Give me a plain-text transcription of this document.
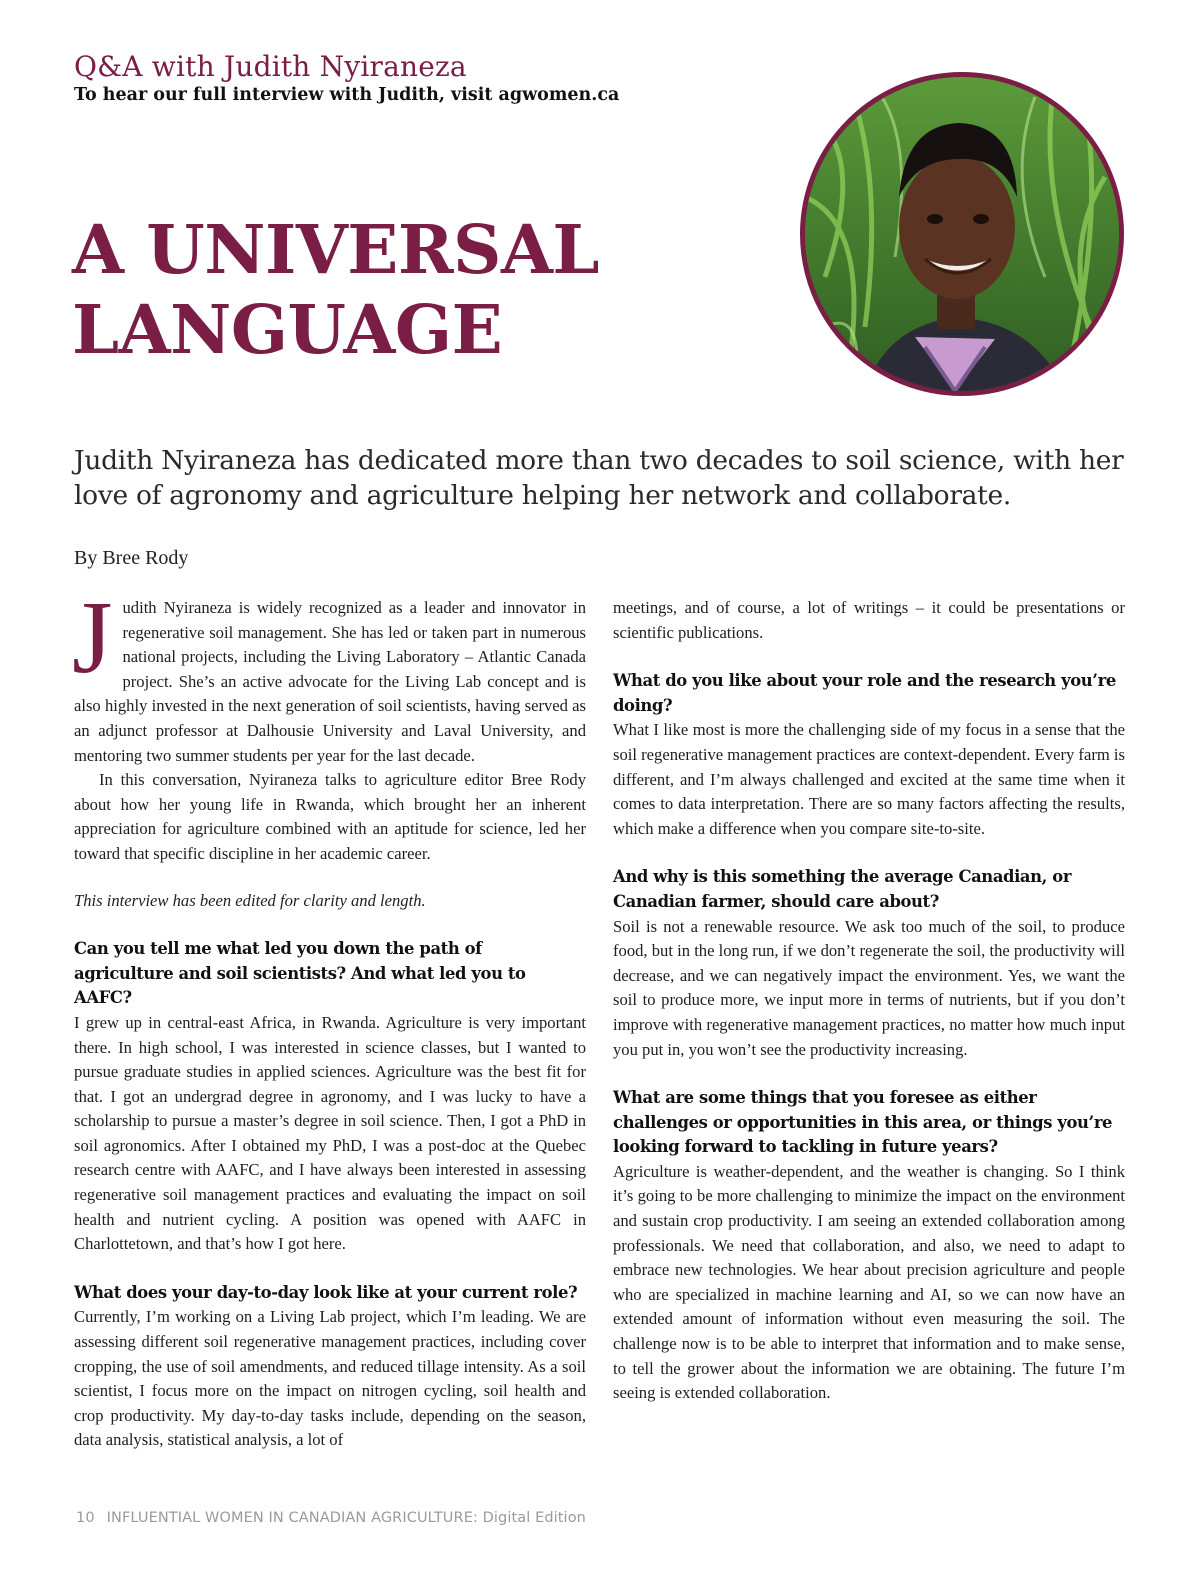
Q&A with Judith Nyiraneza

To hear our full interview with Judith, visit agwomen.ca

A UNIVERSAL
LANGUAGE
Judith Nyiraneza has dedicated more than two decades to soil science, with her love of agronomy and agriculture helping her network and collaborate.

By Bree Rody

Judith Nyiraneza is widely recognized as a leader and innovator in regenerative soil management. She has led or taken part in numerous national projects, including the Living Laboratory – Atlantic Canada project. She’s an active advocate for the Living Lab concept and is also highly invested in the next generation of soil scientists, having served as an adjunct professor at Dalhousie University and Laval University, and mentoring two summer students per year for the last decade.

In this conversation, Nyiraneza talks to agriculture editor Bree Rody about how her young life in Rwanda, which brought her an inherent appreciation for agriculture combined with an aptitude for science, led her toward that specific discipline in her academic career.

This interview has been edited for clarity and length.

Can you tell me what led you down the path of agriculture and soil scientists? And what led you to AAFC?

I grew up in central-east Africa, in Rwanda. Agriculture is very important there. In high school, I was interested in science classes, but I wanted to pursue graduate studies in applied sciences. Agriculture was the best fit for that. I got an undergrad degree in agronomy, and I was lucky to have a scholarship to pursue a master’s degree in soil science. Then, I got a PhD in soil agronomics. After I obtained my PhD, I was a post-doc at the Quebec research centre with AAFC, and I have always been interested in assessing regenerative soil management practices and evaluating the impact on soil health and nutrient cycling. A position was opened with AAFC in Charlottetown, and that’s how I got here.

What does your day-to-day look like at your current role?

Currently, I’m working on a Living Lab project, which I’m leading. We are assessing different soil regenerative management practices, including cover cropping, the use of soil amendments, and reduced tillage intensity. As a soil scientist, I focus more on the impact on nitrogen cycling, soil health and crop productivity. My day-to-day tasks include, depending on the season, data analysis, statistical analysis, a lot of

meetings, and of course, a lot of writings – it could be presentations or scientific publications.

What do you like about your role and the research you’re doing?

What I like most is more the challenging side of my focus in a sense that the soil regenerative management practices are context-dependent. Every farm is different, and I’m always challenged and excited at the same time when it comes to data interpretation. There are so many factors affecting the results, which make a difference when you compare site-to-site.

And why is this something the average Canadian, or Canadian farmer, should care about?

Soil is not a renewable resource. We ask too much of the soil, to produce food, but in the long run, if we don’t regenerate the soil, the productivity will decrease, and we can negatively impact the environment. Yes, we want the soil to produce more, we input more in terms of nutrients, but if you don’t improve with regenerative management practices, no matter how much input you put in, you won’t see the productivity increasing.

What are some things that you foresee as either challenges or opportunities in this area, or things you’re looking forward to tackling in future years?

Agriculture is weather-dependent, and the weather is changing. So I think it’s going to be more challenging to minimize the impact on the environment and sustain crop productivity. I am seeing an extended collaboration among professionals. We need that collaboration, and also, we need to adapt to embrace new technologies. We hear about precision agriculture and people who are specialized in machine learning and AI, so we can now have an extended amount of information without even measuring the soil. The challenge now is to be able to interpret that information and to make sense, to tell the grower about the information we are obtaining. The future I’m seeing is extended collaboration.

10 INFLUENTIAL WOMEN IN CANADIAN AGRICULTURE: Digital Edition
